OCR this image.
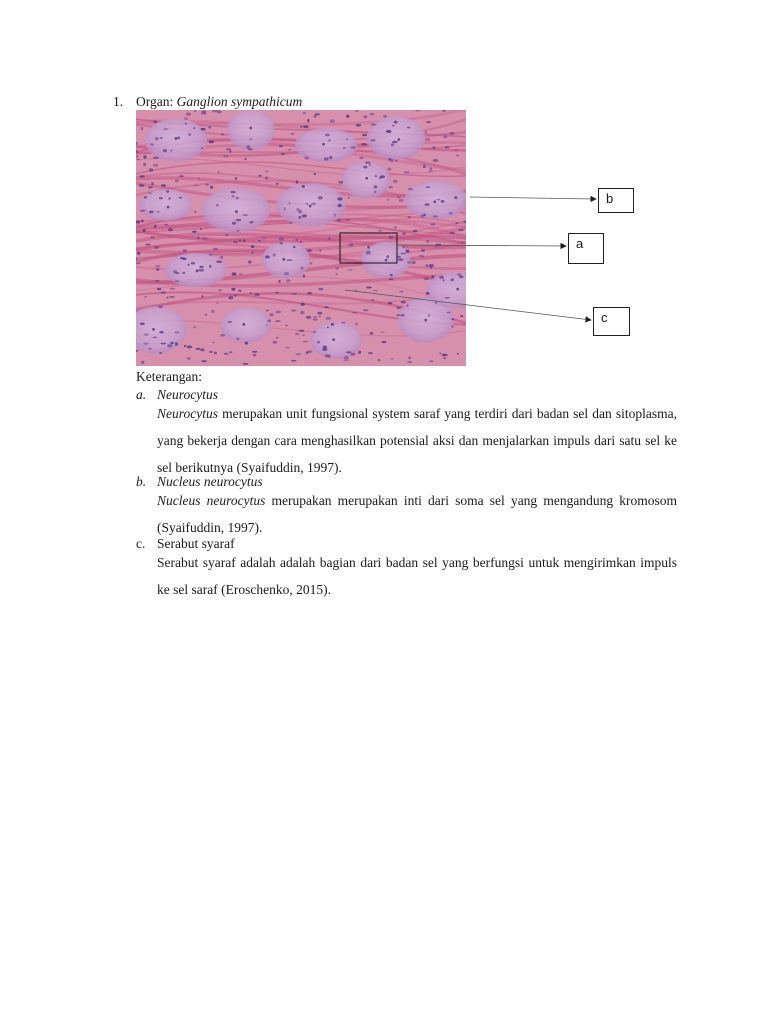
1. Organ: Ganglion sympathicum
b
a
c
Keterangan:
a. Neurocytus
Neurocytus merupakan unit fungsional system saraf yang terdiri dari badan sel dan sitoplasma, yang bekerja dengan cara menghasilkan potensial aksi dan menjalarkan impuls dari satu sel ke sel berikutnya (Syaifuddin, 1997).
b. Nucleus neurocytus
Nucleus neurocytus merupakan merupakan inti dari soma sel yang mengandung kromosom (Syaifuddin, 1997).
c. Serabut syaraf
Serabut syaraf adalah adalah bagian dari badan sel yang berfungsi untuk mengirimkan impuls ke sel saraf (Eroschenko, 2015).
